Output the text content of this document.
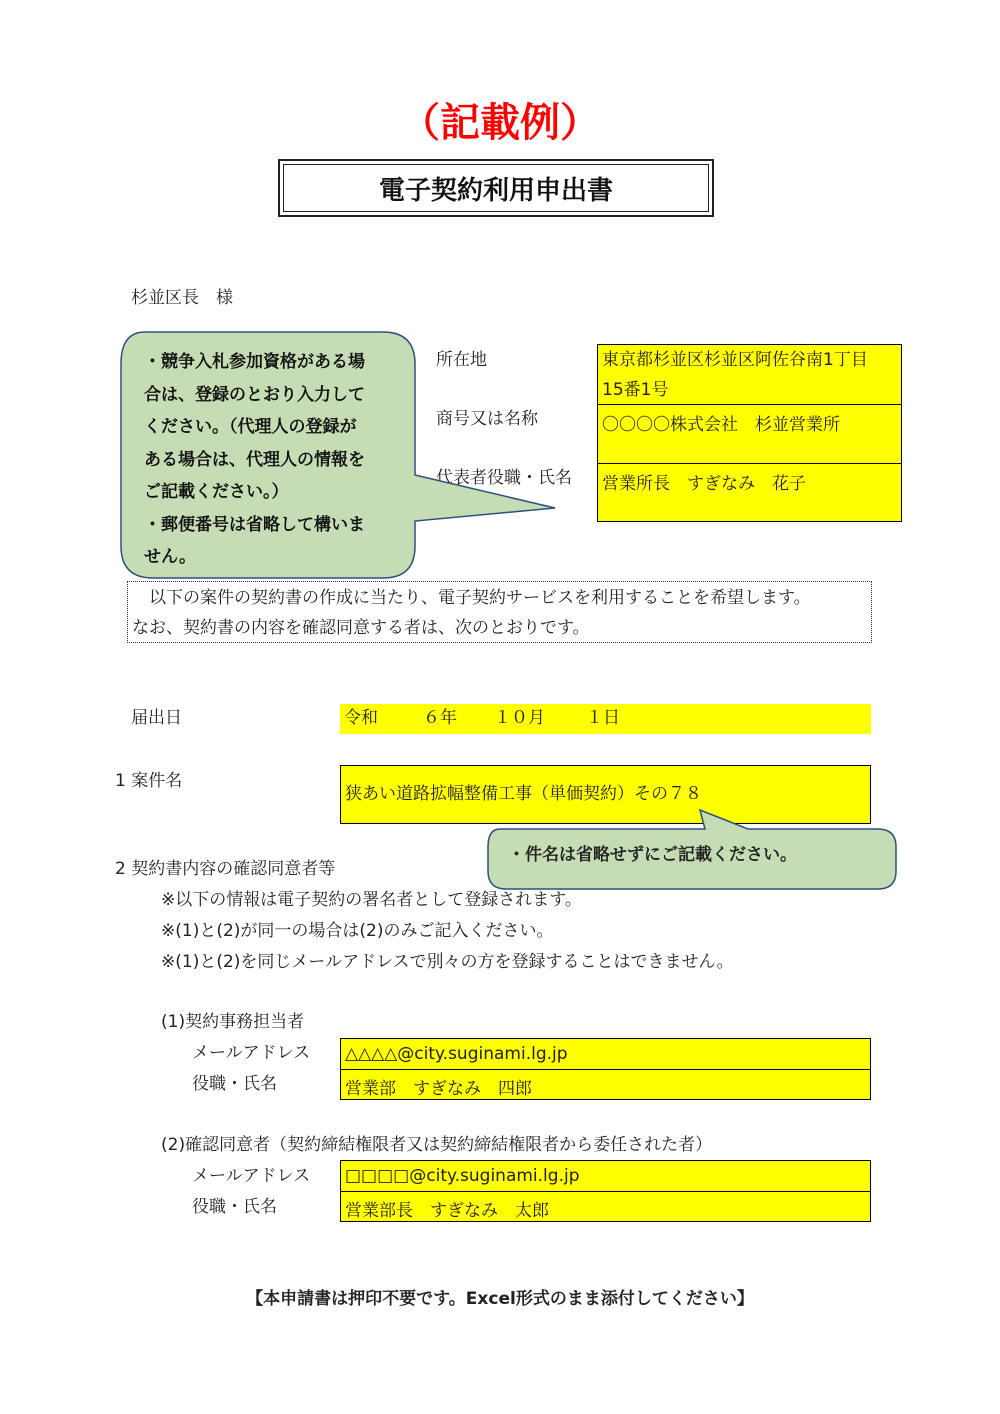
（記載例）
電子契約利用申出書
杉並区長　様
所在地
商号又は名称
代表者役職・氏名
東京都杉並区杉並区阿佐谷南1丁目
15番1号
〇〇〇〇株式会社　杉並営業所
営業所長　すぎなみ　花子
・競争入札参加資格がある場
合は、登録のとおり入力して
ください。（代理人の登録が
ある場合は、代理人の情報を
ご記載ください。）
・郵便番号は省略して構いま
せん。
　以下の案件の契約書の作成に当たり、電子契約サービスを利用することを希望します。
なお、契約書の内容を確認同意する者は、次のとおりです。
届出日	令和	６年 １０月 １日
1 案件名
狭あい道路拡幅整備工事（単価契約）その７８
・件名は省略せずにご記載ください。
2 契約書内容の確認同意者等
※以下の情報は電子契約の署名者として登録されます。
※(1)と(2)が同一の場合は(2)のみご記入ください。
※(1)と(2)を同じメールアドレスで別々の方を登録することはできません。
(1)契約事務担当者
メールアドレス
役職・氏名
△△△△@city.suginami.lg.jp
営業部　すぎなみ　四郎
(2)確認同意者（契約締結権限者又は契約締結権限者から委任された者）
メールアドレス
役職・氏名
□□□□@city.suginami.lg.jp
営業部長　すぎなみ　太郎
【本申請書は押印不要です。Excel形式のまま添付してください】
